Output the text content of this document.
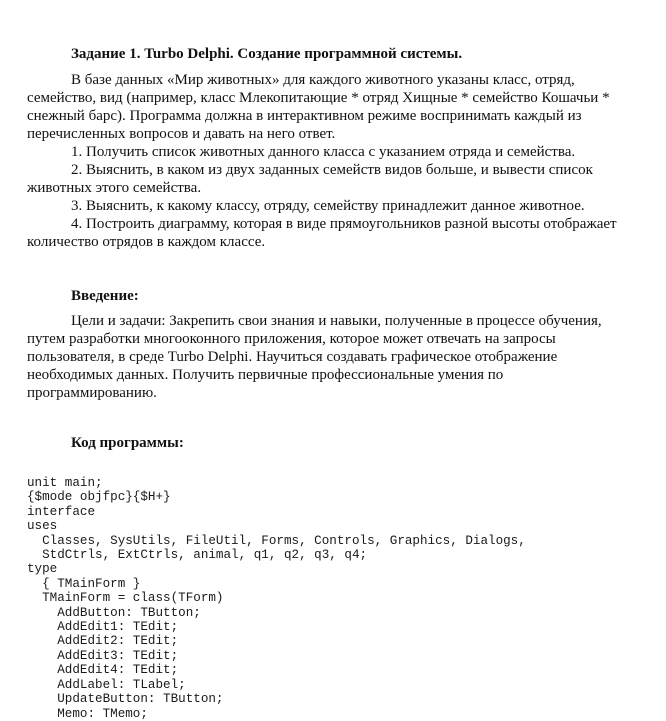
Задание 1. Turbo Delphi. Создание программной системы.
В базе данных «Мир животных» для каждого животного указаны класс, отряд,
семейство, вид (например, класс Млекопитающие * отряд Хищные * семейство Кошачьи *
снежный барс). Программа должна в интерактивном режиме воспринимать каждый из
перечисленных вопросов и давать на него ответ.
1. Получить список животных данного класса с указанием отряда и семейства.
2. Выяснить, в каком из двух заданных семейств видов больше, и вывести список
животных этого семейства.
3. Выяснить, к какому классу, отряду, семейству принадлежит данное животное.
4. Построить диаграмму, которая в виде прямоугольников разной высоты отображает
количество отрядов в каждом классе.
Введение:
Цели и задачи: Закрепить свои знания и навыки, полученные в процессе обучения,
путем разработки многооконного приложения, которое может отвечать на запросы
пользователя, в среде Turbo Delphi. Научиться создавать графическое отображение
необходимых данных. Получить первичные профессиональные умения по
программированию.
Код программы:
unit main;
{$mode objfpc}{$H+}
interface
uses
Classes, SysUtils, FileUtil, Forms, Controls, Graphics, Dialogs,
StdCtrls, ExtCtrls, animal, q1, q2, q3, q4;
type
{ TMainForm }
TMainForm = class(TForm)
AddButton: TButton;
AddEdit1: TEdit;
AddEdit2: TEdit;
AddEdit3: TEdit;
AddEdit4: TEdit;
AddLabel: TLabel;
UpdateButton: TButton;
Memo: TMemo;
